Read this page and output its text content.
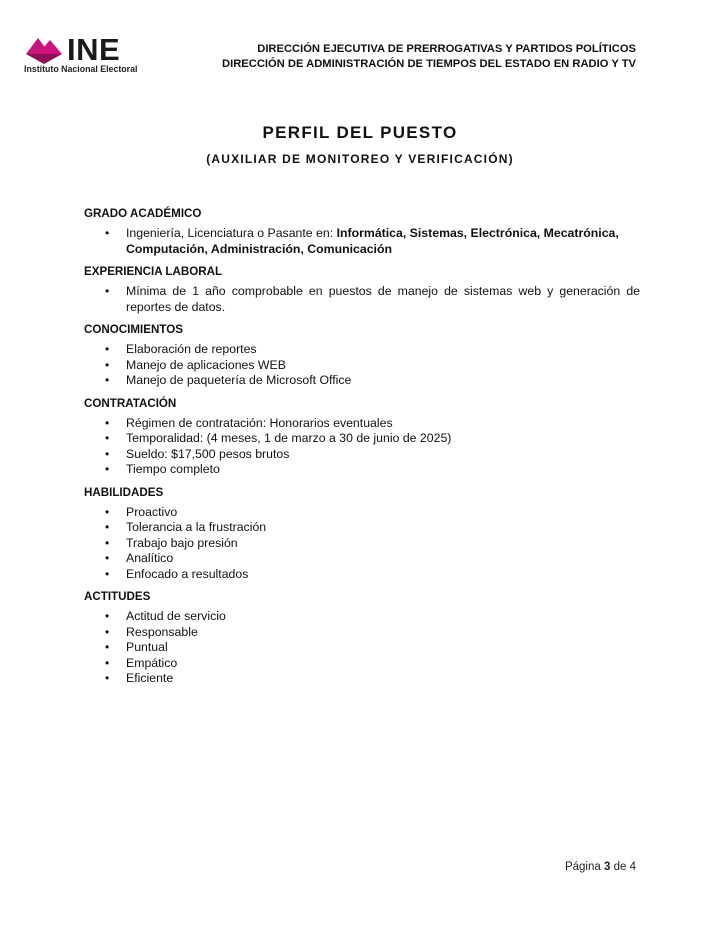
INE
Instituto Nacional Electoral
DIRECCIÓN EJECUTIVA DE PRERROGATIVAS Y PARTIDOS POLÍTICOS
DIRECCIÓN DE ADMINISTRACIÓN DE TIEMPOS DEL ESTADO EN RADIO Y TV
PERFIL DEL PUESTO
(AUXILIAR DE MONITOREO Y VERIFICACIÓN)
GRADO ACADÉMICO
• Ingeniería, Licenciatura o Pasante en: Informática, Sistemas, Electrónica, Mecatrónica, Computación, Administración, Comunicación
EXPERIENCIA LABORAL
• Mínima de 1 año comprobable en puestos de manejo de sistemas web y generación de reportes de datos.
CONOCIMIENTOS
• Elaboración de reportes
• Manejo de aplicaciones WEB
• Manejo de paquetería de Microsoft Office
CONTRATACIÓN
• Régimen de contratación: Honorarios eventuales
• Temporalidad: (4 meses, 1 de marzo a 30 de junio de 2025)
• Sueldo: $17,500 pesos brutos
• Tiempo completo
HABILIDADES
• Proactivo
• Tolerancia a la frustración
• Trabajo bajo presión
• Analítico
• Enfocado a resultados
ACTITUDES
• Actitud de servicio
• Responsable
• Puntual
• Empático
• Eficiente
Página 3 de 4
